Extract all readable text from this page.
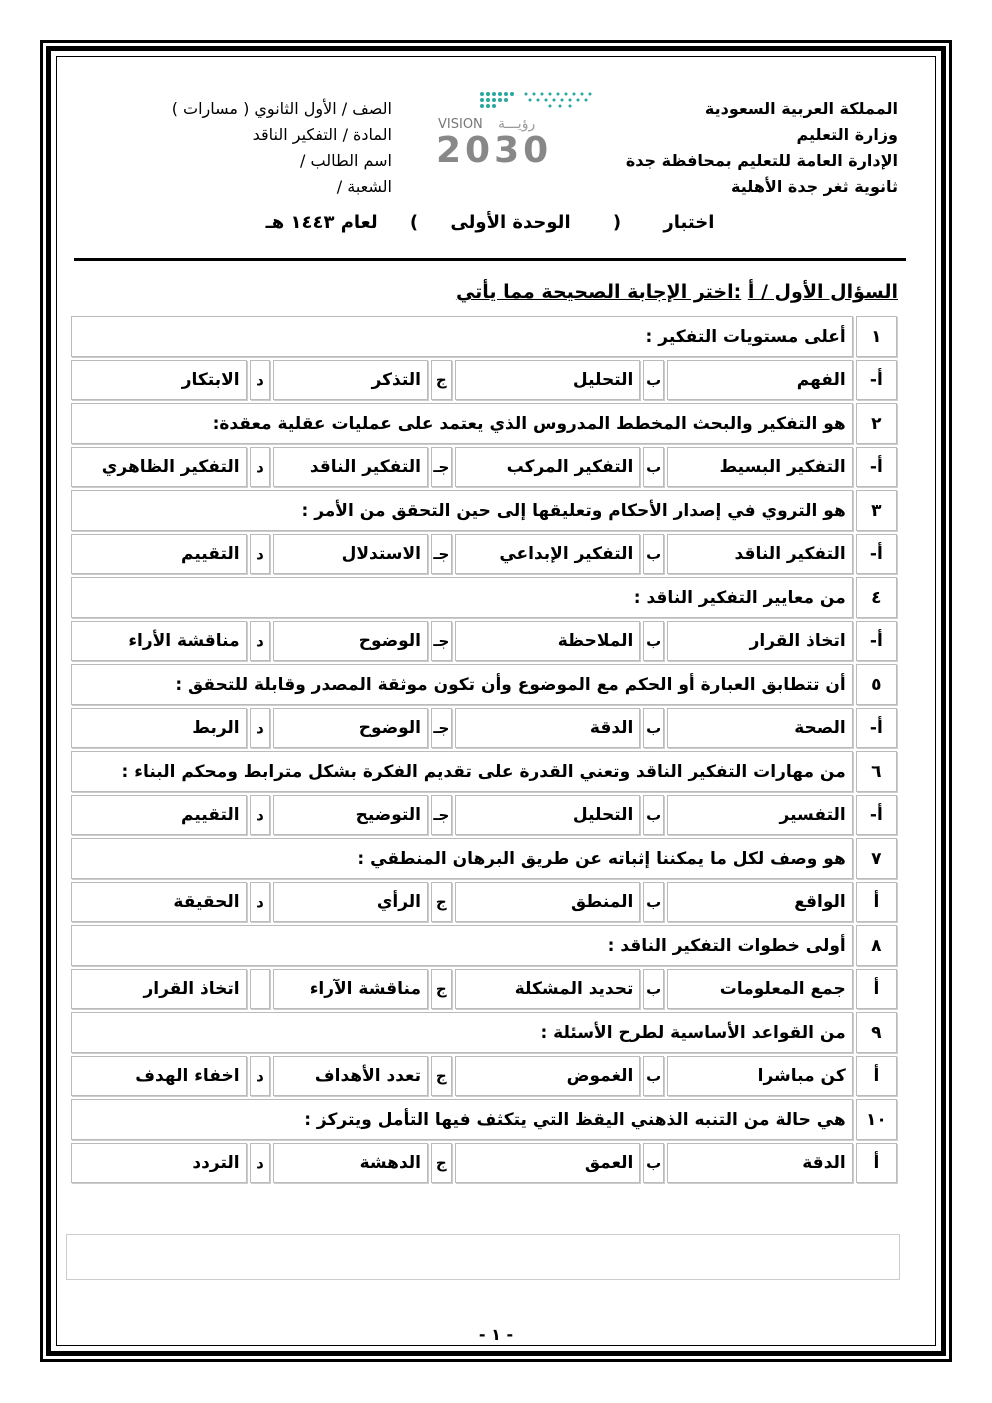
المملكة العربية السعودية
وزارة التعليم
الإدارة العامة للتعليم بمحافظة جدة
ثانوية ثغر جدة الأهلية
VISION رؤيـــة
2030
الصف / الأول الثانوي ( مسارات )
المادة / التفكير الناقد
اسم الطالب /
الشعبة /
اختبار ( الوحدة الأولى ) لعام ١٤٤٣ هـ
السؤال الأول / أ :اختر الإجابة الصحيحة مما يأتي
١	أعلى مستويات التفكير :						
أ-	الفهم	ب	التحليل	ج	التذكر	د	الابتكار
٢	هو التفكير والبحث المخطط المدروس الذي يعتمد على عمليات عقلية معقدة:						
أ-	التفكير البسيط	ب	التفكير المركب	جـ	التفكير الناقد	د	التفكير الظاهري
٣	هو التروي في إصدار الأحكام وتعليقها إلى حين التحقق من الأمر :						
أ-	التفكير الناقد	ب	التفكير الإبداعي	جـ	الاستدلال	د	التقييم
٤	من معايير التفكير الناقد :						
أ-	اتخاذ القرار	ب	الملاحظة	جـ	الوضوح	د	مناقشة الأراء
٥	أن تتطابق العبارة أو الحكم مع الموضوع وأن تكون موثقة المصدر وقابلة للتحقق :						
أ-	الصحة	ب	الدقة	جـ	الوضوح	د	الربط
٦	من مهارات التفكير الناقد وتعني القدرة على تقديم الفكرة بشكل مترابط ومحكم البناء :						
أ-	التفسير	ب	التحليل	جـ	التوضيح	د	التقييم
٧	هو وصف لكل ما يمكننا إثباته عن طريق البرهان المنطقي :						
أ	الواقع	ب	المنطق	ج	الرأي	د	الحقيقة
٨	أولى خطوات التفكير الناقد :						
أ	جمع المعلومات	ب	تحديد المشكلة	ج	مناقشة الآراء		اتخاذ القرار
٩	من القواعد الأساسية لطرح الأسئلة :						
أ	كن مباشرا	ب	الغموض	ج	تعدد الأهداف	د	اخفاء الهدف
١٠	هي حالة من التنبه الذهني اليقظ التي يتكثف فيها التأمل ويتركز :						
أ	الدقة	ب	العمق	ج	الدهشة	د	التردد
- ١ -
